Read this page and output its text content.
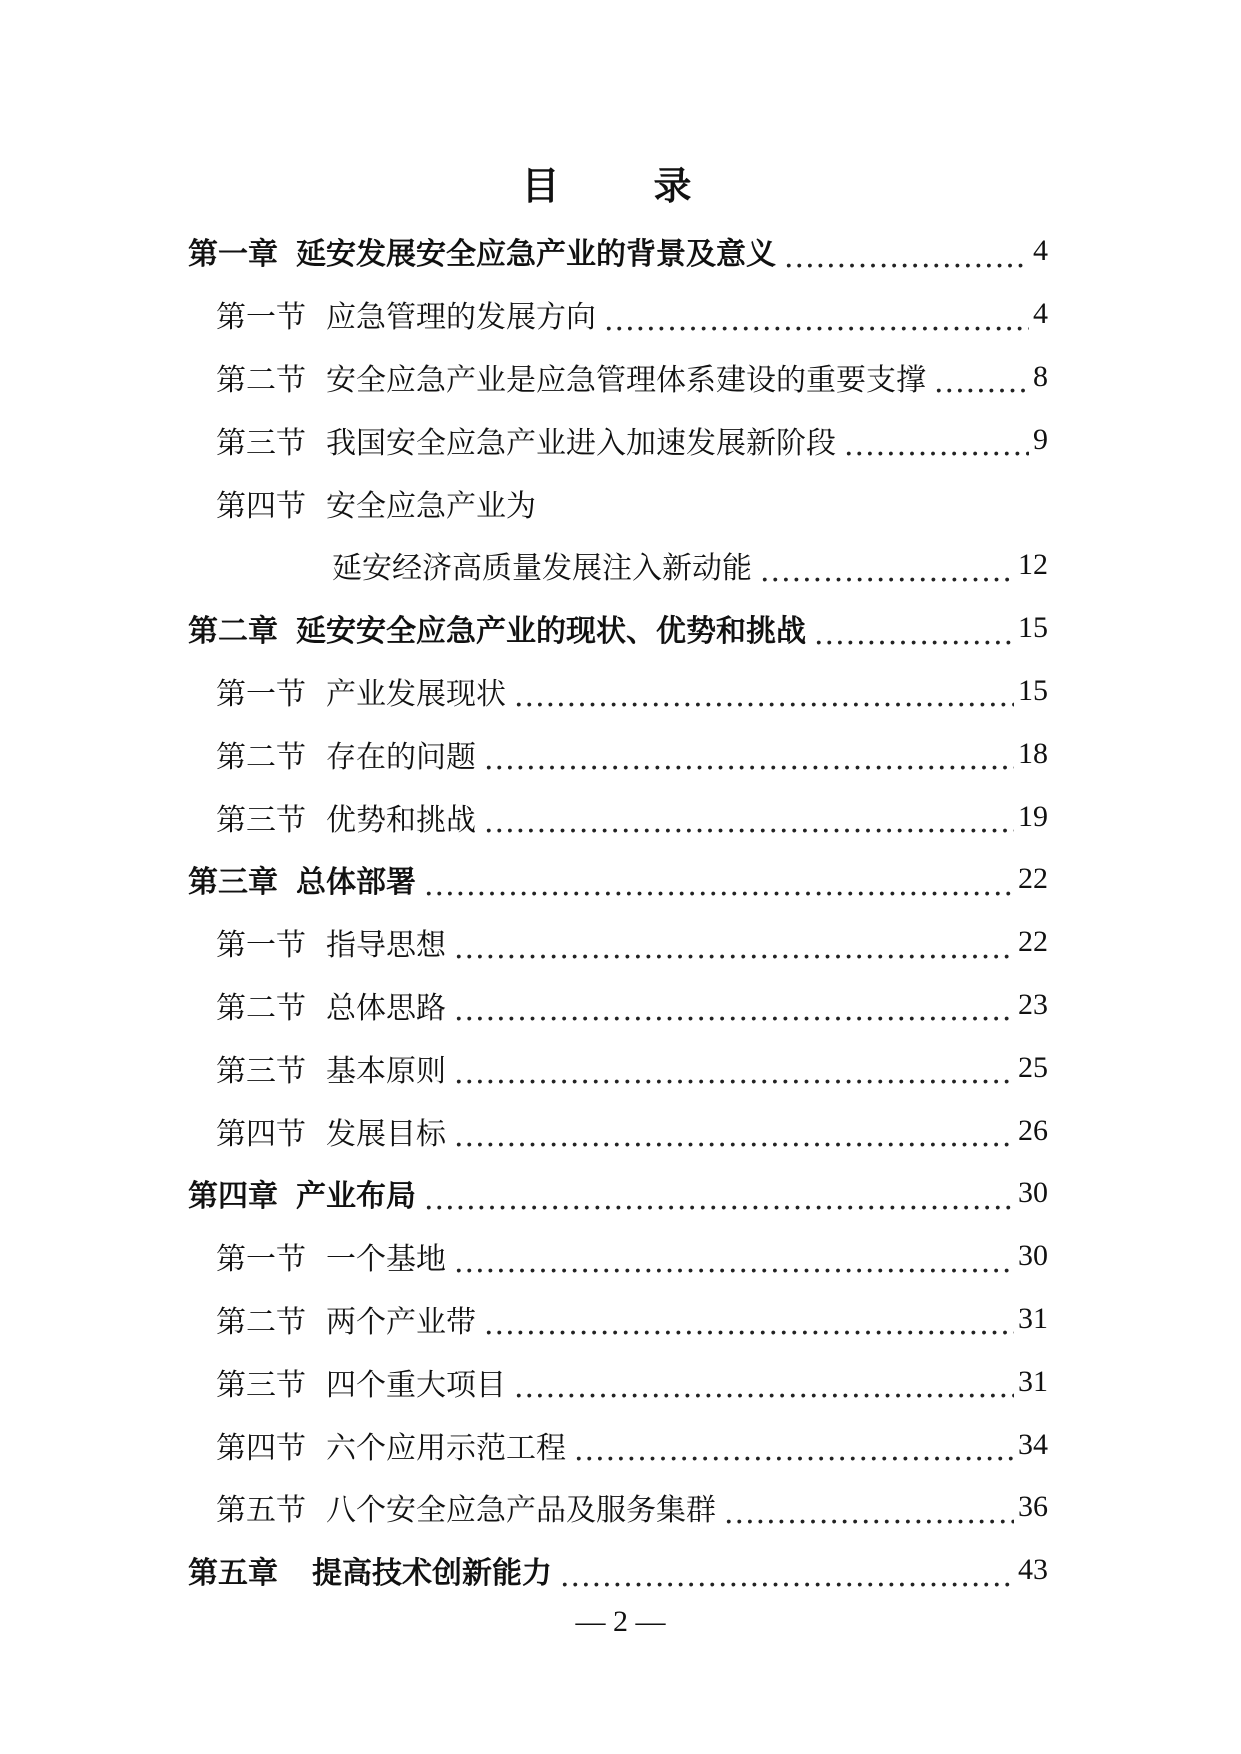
目　录
第一章 延安发展安全应急产业的背景及意义 .....	4
第一节 应急管理的发展方向 .....	4
第二节 安全应急产业是应急管理体系建设的重要支撑 .....	8
第三节 我国安全应急产业进入加速发展新阶段 .....	9
第四节 安全应急产业为
延安经济高质量发展注入新动能 .....	12
第二章 延安安全应急产业的现状、优势和挑战 .....	15
第一节 产业发展现状 .....	15
第二节 存在的问题 .....	18
第三节 优势和挑战 .....	19
第三章 总体部署 .....	22
第一节 指导思想 .....	22
第二节 总体思路 .....	23
第三节 基本原则 .....	25
第四节 发展目标 .....	26
第四章 产业布局 .....	30
第一节 一个基地 .....	30
第二节 两个产业带 .....	31
第三节 四个重大项目 .....	31
第四节 六个应用示范工程 .....	34
第五节 八个安全应急产品及服务集群 .....	36
第五章 提高技术创新能力 .....	43
— 2 —
